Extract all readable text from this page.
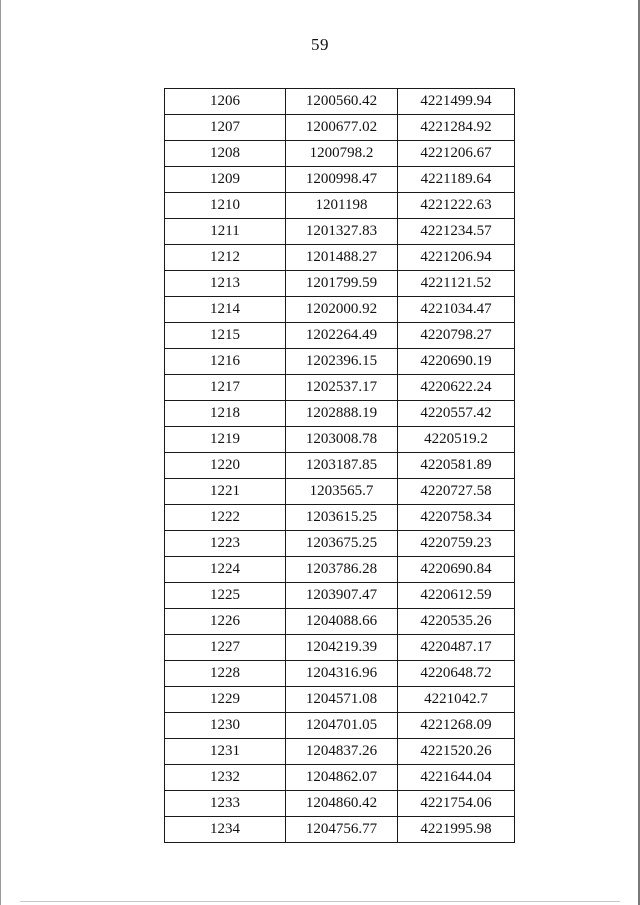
59
1206	1200560.42	4221499.94
1207	1200677.02	4221284.92
1208	1200798.2	4221206.67
1209	1200998.47	4221189.64
1210	1201198	4221222.63
1211	1201327.83	4221234.57
1212	1201488.27	4221206.94
1213	1201799.59	4221121.52
1214	1202000.92	4221034.47
1215	1202264.49	4220798.27
1216	1202396.15	4220690.19
1217	1202537.17	4220622.24
1218	1202888.19	4220557.42
1219	1203008.78	4220519.2
1220	1203187.85	4220581.89
1221	1203565.7	4220727.58
1222	1203615.25	4220758.34
1223	1203675.25	4220759.23
1224	1203786.28	4220690.84
1225	1203907.47	4220612.59
1226	1204088.66	4220535.26
1227	1204219.39	4220487.17
1228	1204316.96	4220648.72
1229	1204571.08	4221042.7
1230	1204701.05	4221268.09
1231	1204837.26	4221520.26
1232	1204862.07	4221644.04
1233	1204860.42	4221754.06
1234	1204756.77	4221995.98
